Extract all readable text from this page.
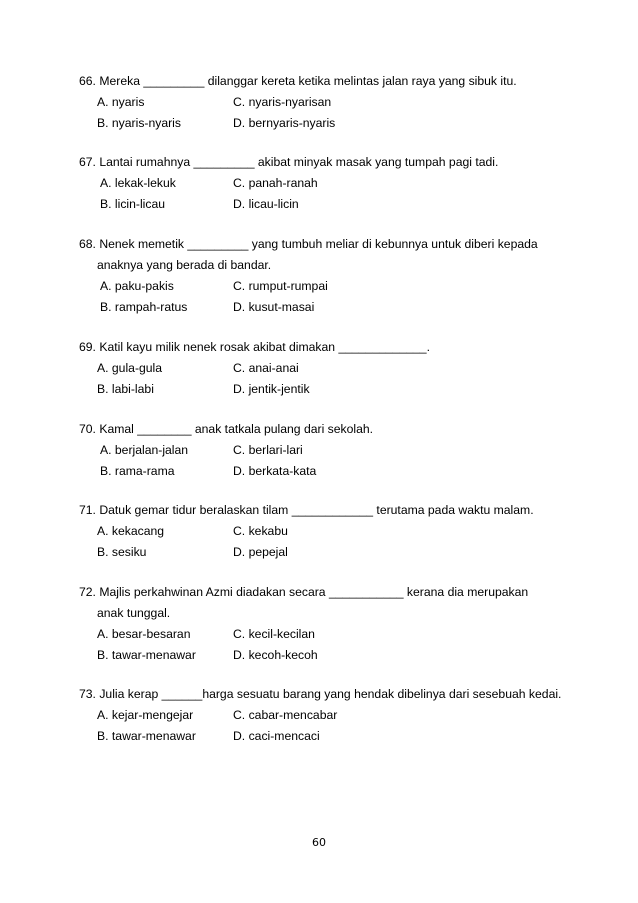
66. Mereka _________ dilanggar kereta ketika melintas jalan raya yang sibuk itu.
A. nyaris	C. nyaris-nyarisan
B. nyaris-nyaris	D. bernyaris-nyaris
67. Lantai rumahnya _________ akibat minyak masak yang tumpah pagi tadi.
A. lekak-lekuk	C. panah-ranah
B. licin-licau	D. licau-licin
68. Nenek memetik _________ yang tumbuh meliar di kebunnya untuk diberi kepada
anaknya yang berada di bandar.
A. paku-pakis	C. rumput-rumpai
B. rampah-ratus	D. kusut-masai
69. Katil kayu milik nenek rosak akibat dimakan _____________.
A. gula-gula	C. anai-anai
B. labi-labi	D. jentik-jentik
70. Kamal ________ anak tatkala pulang dari sekolah.
A. berjalan-jalan	C. berlari-lari
B. rama-rama	D. berkata-kata
71. Datuk gemar tidur beralaskan tilam ____________ terutama pada waktu malam.
A. kekacang	C. kekabu
B. sesiku	D. pepejal
72. Majlis perkahwinan Azmi diadakan secara ___________ kerana dia merupakan
anak tunggal.
A. besar-besaran	C. kecil-kecilan
B. tawar-menawar	D. kecoh-kecoh
73. Julia kerap ______harga sesuatu barang yang hendak dibelinya dari sesebuah kedai.
A. kejar-mengejar	C. cabar-mencabar
B. tawar-menawar	D. caci-mencaci
60
